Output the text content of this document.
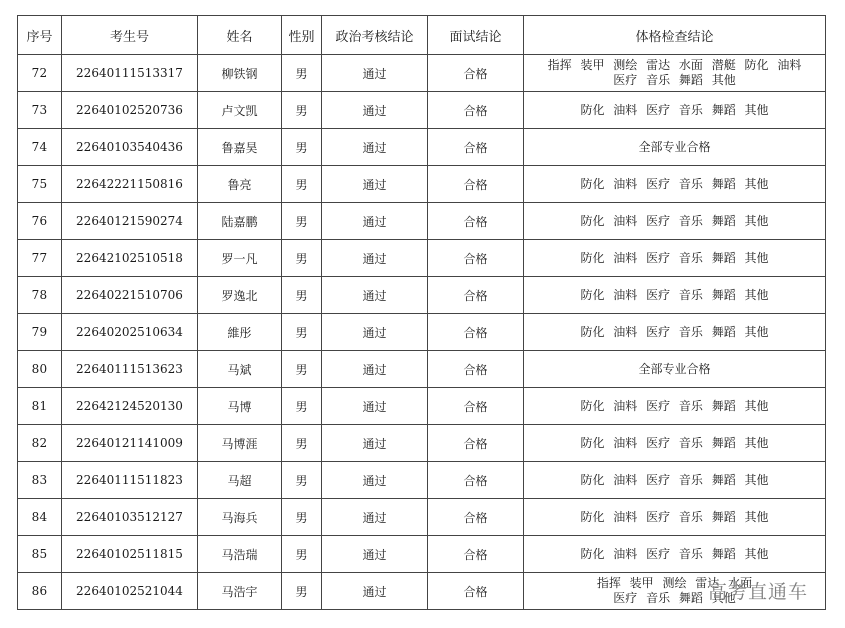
序号	考生号	姓名	性别	政治考核结论	面试结论	体格检查结论
72	22640111513317	柳铁钢	男	通过	合格	指挥 装甲 测绘 雷达 水面 潜艇 防化 油料
医疗 音乐 舞蹈 其他

73	22640102520736	卢文凯	男	通过	合格	防化 油料 医疗 音乐 舞蹈 其他

74	22640103540436	鲁嘉昊	男	通过	合格	全部专业合格

75	22642221150816	鲁亮	男	通过	合格	防化 油料 医疗 音乐 舞蹈 其他

76	22640121590274	陆嘉鹏	男	通过	合格	防化 油料 医疗 音乐 舞蹈 其他

77	22642102510518	罗一凡	男	通过	合格	防化 油料 医疗 音乐 舞蹈 其他

78	22640221510706	罗逸北	男	通过	合格	防化 油料 医疗 音乐 舞蹈 其他

79	22640202510634	維彤	男	通过	合格	防化 油料 医疗 音乐 舞蹈 其他

80	22640111513623	马斌	男	通过	合格	全部专业合格

81	22642124520130	马博	男	通过	合格	防化 油料 医疗 音乐 舞蹈 其他

82	22640121141009	马博涯	男	通过	合格	防化 油料 医疗 音乐 舞蹈 其他

83	22640111511823	马超	男	通过	合格	防化 油料 医疗 音乐 舞蹈 其他

84	22640103512127	马海兵	男	通过	合格	防化 油料 医疗 音乐 舞蹈 其他

85	22640102511815	马浩瑞	男	通过	合格	防化 油料 医疗 音乐 舞蹈 其他

86	22640102521044	马浩宇	男	通过	合格	指挥 装甲 测绘 雷达 水面
医疗 音乐 舞蹈 其他
高考直通车
